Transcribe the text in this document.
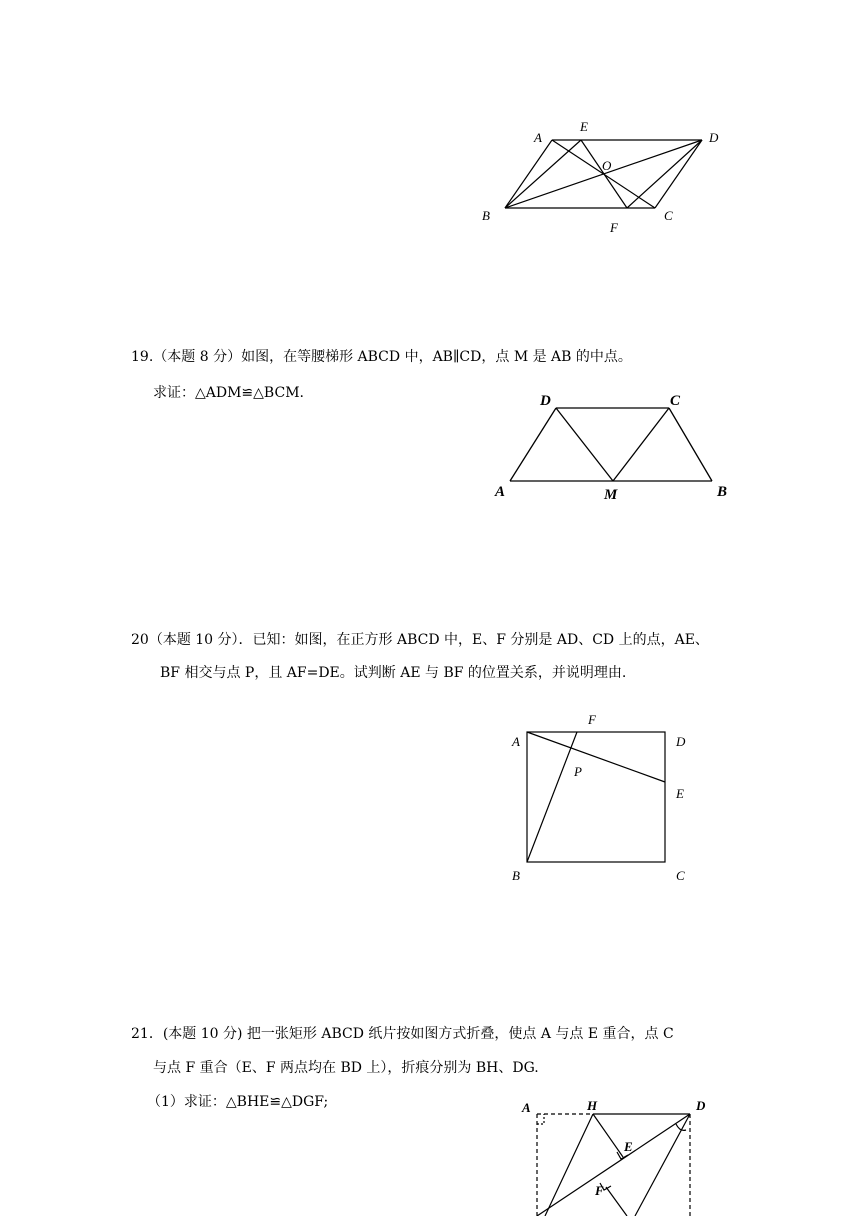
A
E
D
O
B	C
F
19.（本题 8 分）如图，在等腰梯形 ABCD 中，AB∥CD，点 M 是 AB 的中点。
求证：△ADM≌△BCM.	D	C
A	M	B
20（本题 10 分）．已知：如图，在正方形 ABCD 中，E、F 分别是 AD、CD 上的点，AE、
BF 相交与点 P，且 AF=DE。试判断 AE 与 BF 的位置关系，并说明理由.
F
A	D
P
E
B	C
21．(本题 10 分) 把一张矩形 ABCD 纸片按如图方式折叠，使点 A 与点 E 重合，点 C
与点 F 重合（E、F 两点均在 BD 上），折痕分别为 BH、DG.
（1）求证：△BHE≌△DGF;	A	H	D
E
F
